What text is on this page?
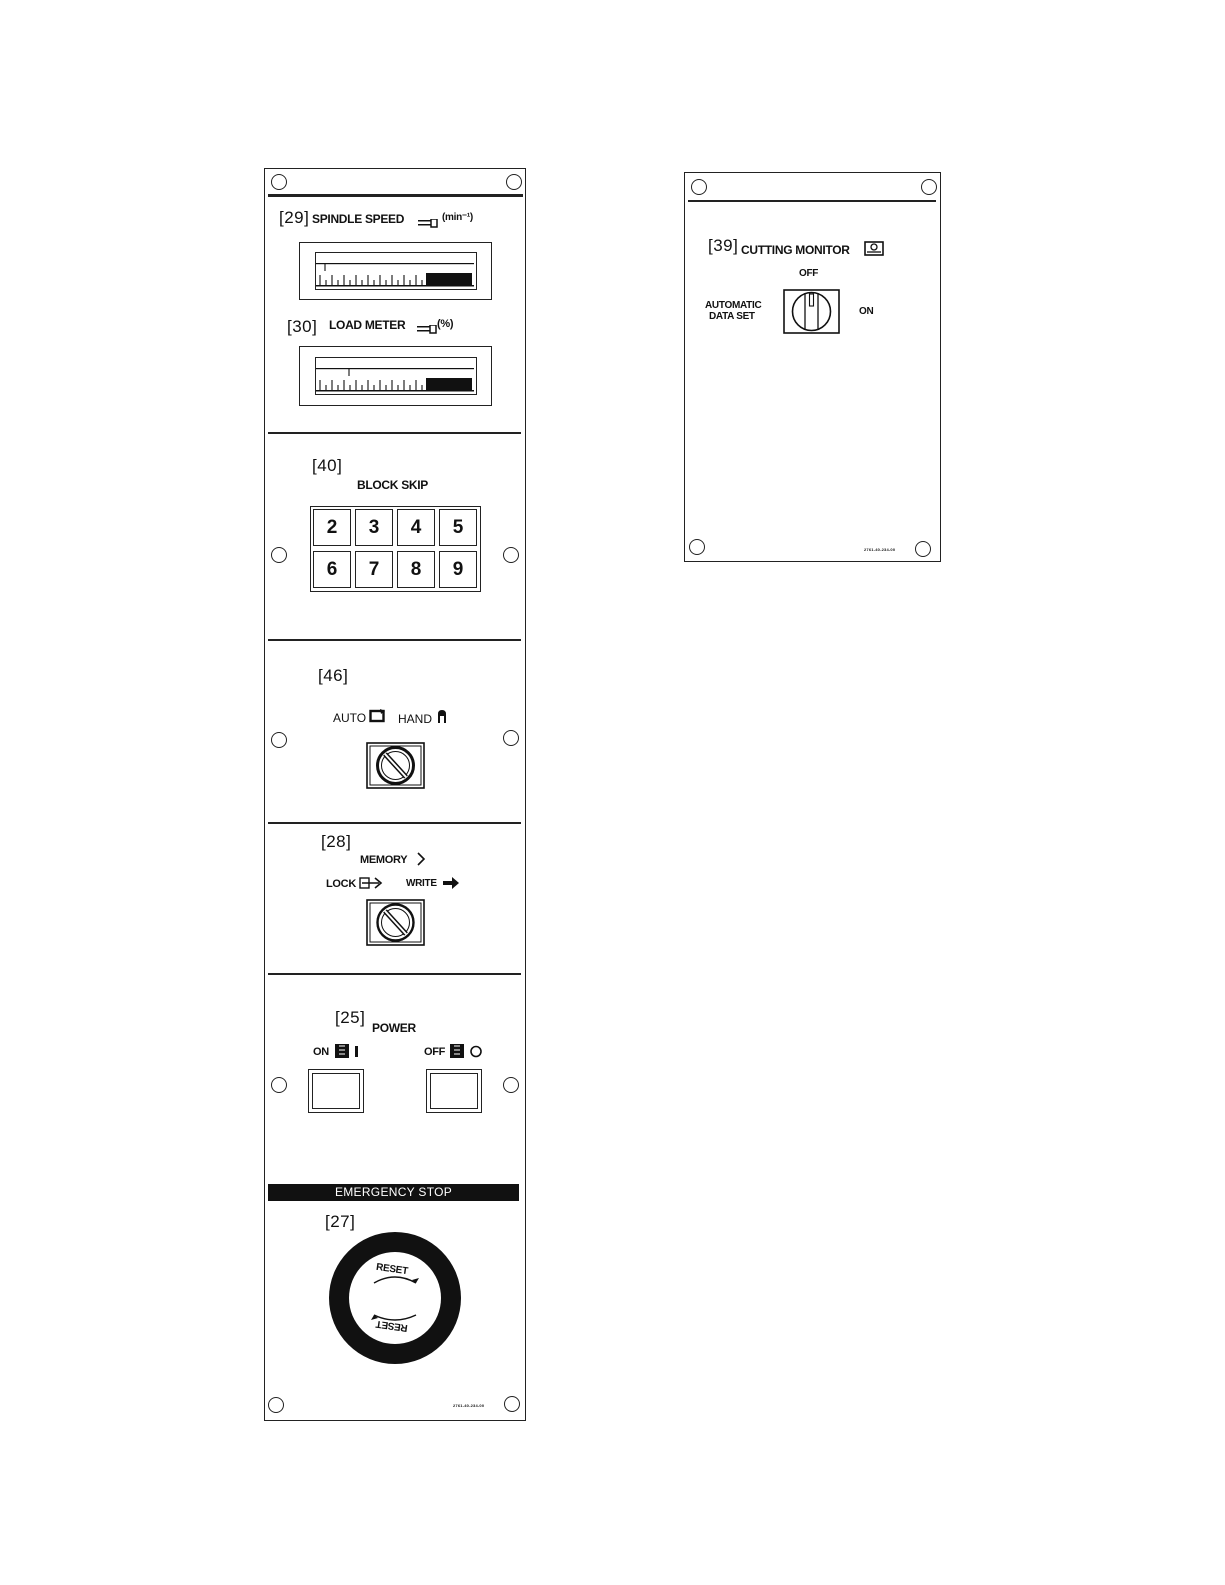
[29] SPINDLE SPEED	(min⁻¹)
[30] LOAD METER	(%)
[40]
BLOCK SKIP
2 3 4 5
6 7 8 9
[46]
AUTO	HAND
[28]
MEMORY
LOCK	WRITE
[25]
POWER
ON	OFF
EMERGENCY STOP
[27]
RESET
RESET
2761-40-234-00
[39] CUTTING MONITOR
OFF
AUTOMATIC
DATA SET	ON
2761-40-234-00
